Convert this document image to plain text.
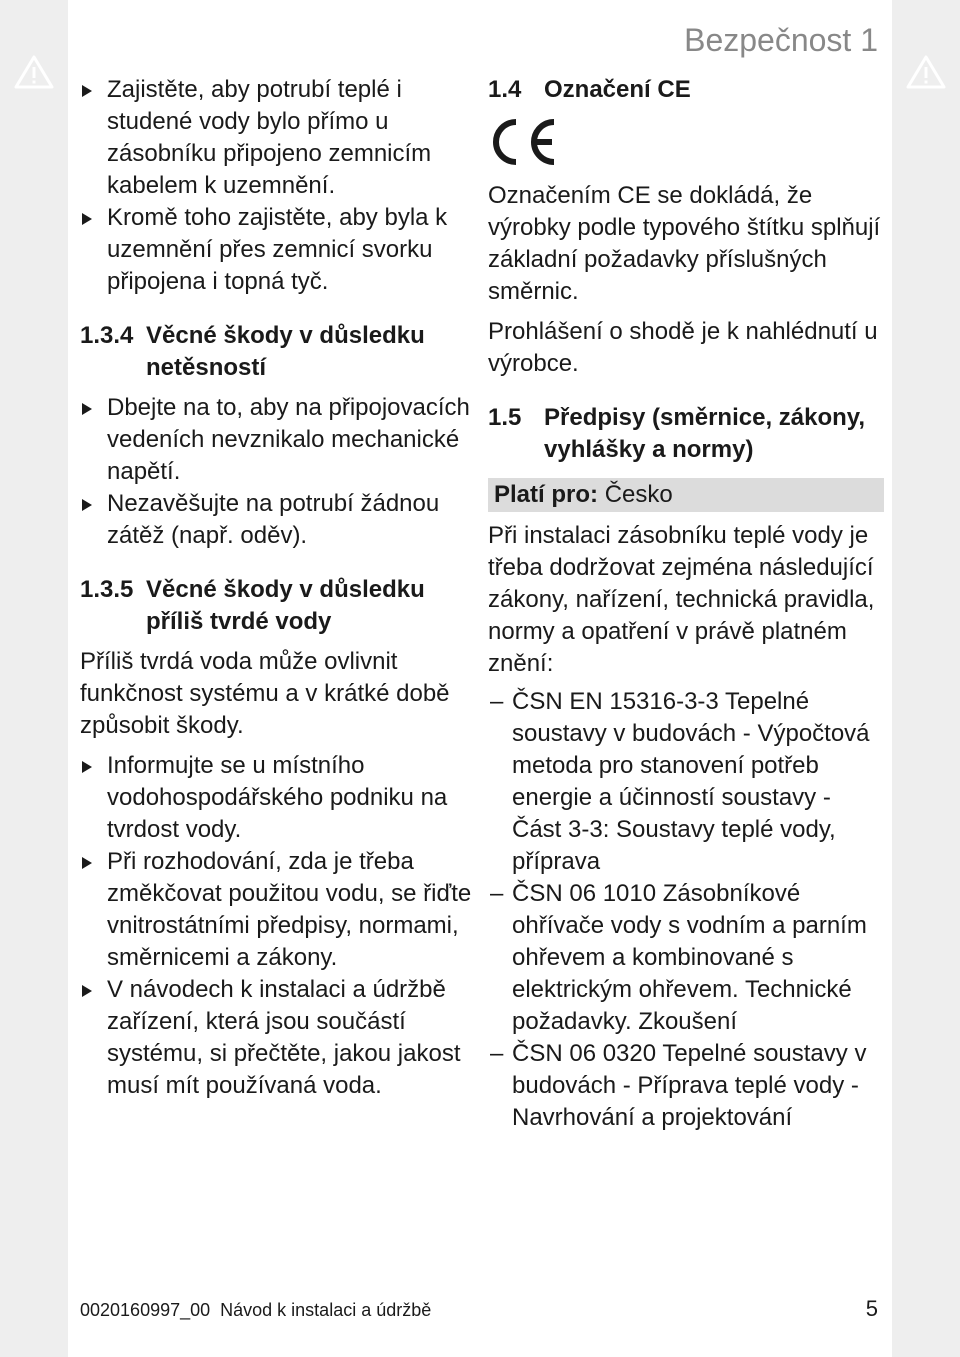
Bezpečnost 1

Zajistěte, aby potrubí teplé i studené vody bylo přímo u zásobníku připojeno zemnicím kabelem k uzemnění.

Kromě toho zajistěte, aby byla k uzemnění přes zemnicí svorku připojena i topná tyč.

1.3.4 Věcné škody v důsledku netěsností

Dbejte na to, aby na připojovacích vedeních nevznikalo mechanické napětí.

Nezavěšujte na potrubí žádnou zátěž (např. oděv).

1.3.5 Věcné škody v důsledku příliš tvrdé vody

Příliš tvrdá voda může ovlivnit funkčnost systému a v krátké době způsobit škody.

Informujte se u místního vodohospodářského podniku na tvrdost vody.

Při rozhodování, zda je třeba změkčovat použitou vodu, se řiďte vnitrostátními předpisy, normami, směrnicemi a zákony.

V návodech k instalaci a údržbě zařízení, která jsou součástí systému, si přečtěte, jakou jakost musí mít používaná voda.

1.4 Označení CE

Označením CE se dokládá, že výrobky podle typového štítku splňují základní požadavky příslušných směrnic.

Prohlášení o shodě je k nahlédnutí u výrobce.

1.5 Předpisy (směrnice, zákony, vyhlášky a normy)
Platí pro: Česko

Při instalaci zásobníku teplé vody je třeba dodržovat zejména následující zákony, nařízení, technická pravidla, normy a opatření v právě platném znění:

– ČSN EN 15316-3-3 Tepelné soustavy v budovách - Výpočtová metoda pro stanovení potřeb energie a účinností soustavy - Část 3-3: Soustavy teplé vody, příprava

– ČSN 06 1010 Zásobníkové ohřívače vody s vodním a parním ohřevem a kombinované s elektrickým ohřevem. Technické požadavky. Zkoušení

– ČSN 06 0320 Tepelné soustavy v budovách - Příprava teplé vody - Navrhování a projektování

0020160997_00  Návod k instalaci a údržbě	5
